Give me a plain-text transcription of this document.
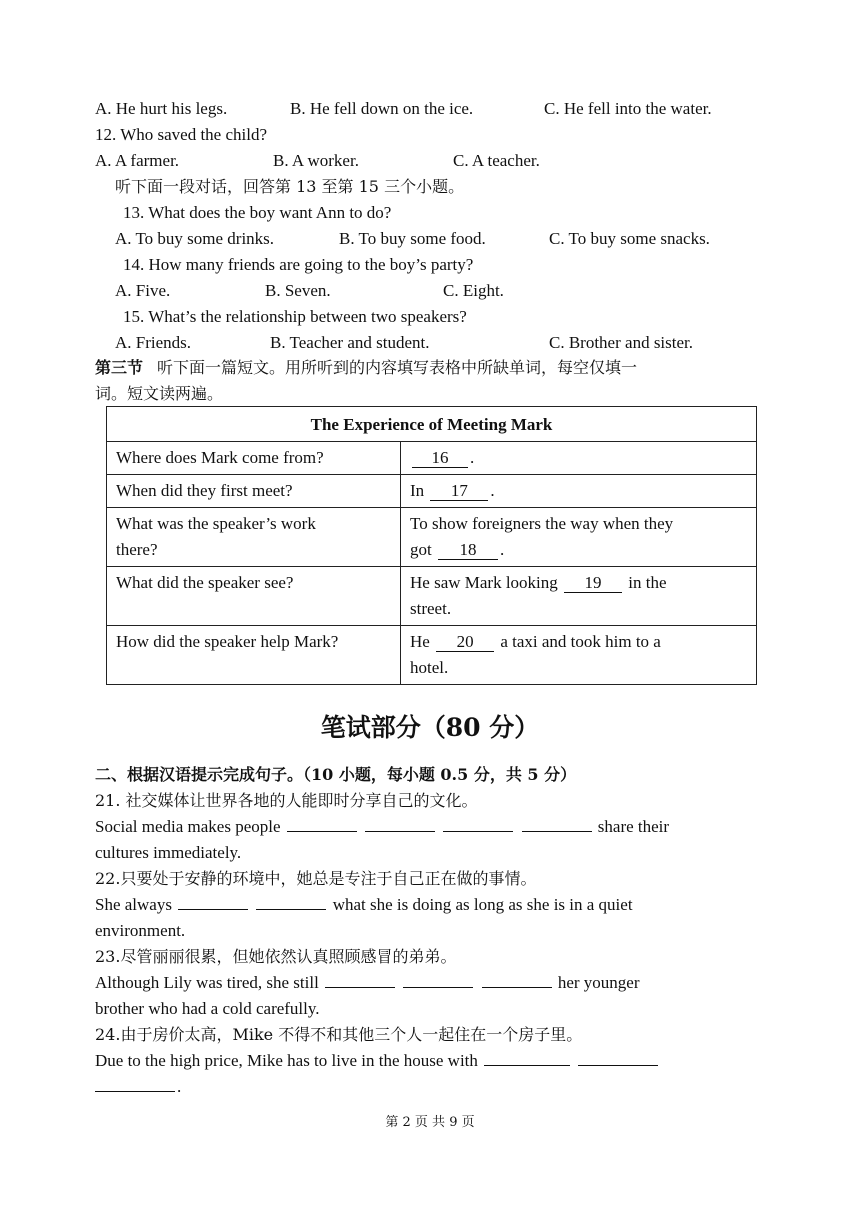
A. He hurt his legs.	B. He fell down on the ice.	C. He fell into the water.
12. Who saved the child?
A. A farmer.	B. A worker.	C. A teacher.
听下面一段对话，回答第 13 至第 15 三个小题。
13. What does the boy want Ann to do?
A. To buy some drinks.	B. To buy some food.	C. To buy some snacks.
14. How many friends are going to the boy’s party?
A. Five.	B. Seven.	C. Eight.
15. What’s the relationship between two speakers?
A. Friends.	B. Teacher and student.	C. Brother and sister.
第三节 听下面一篇短文。用所听到的内容填写表格中所缺单词，每空仅填一
词。短文读两遍。
The Experience of Meeting Mark	
Where does Mark come from?	16 .
When did they first meet?	In 17 .
What was the speaker’s work
there?	To show foreigners the way when they
got 18 .
What did the speaker see?	He saw Mark looking 19 in the
street.
How did the speaker help Mark?	He 20 a taxi and took him to a
hotel.
笔试部分（80 分）
二、根据汉语提示完成句子。（10 小题，每小题 0.5 分，共 5 分）
21. 社交媒体让世界各地的人能即时分享自己的文化。
Social media makes people	share their
cultures immediately.
22.只要处于安静的环境中，她总是专注于自己正在做的事情。
She always	what she is doing as long as she is in a quiet
environment.
23.尽管丽丽很累，但她依然认真照顾感冒的弟弟。
Although Lily was tired, she still	her younger
brother who had a cold carefully.
24.由于房价太高，Mike 不得不和其他三个人一起住在一个房子里。
Due to the high price, Mike has to live in the house with
.
第 2 页 共 9 页
